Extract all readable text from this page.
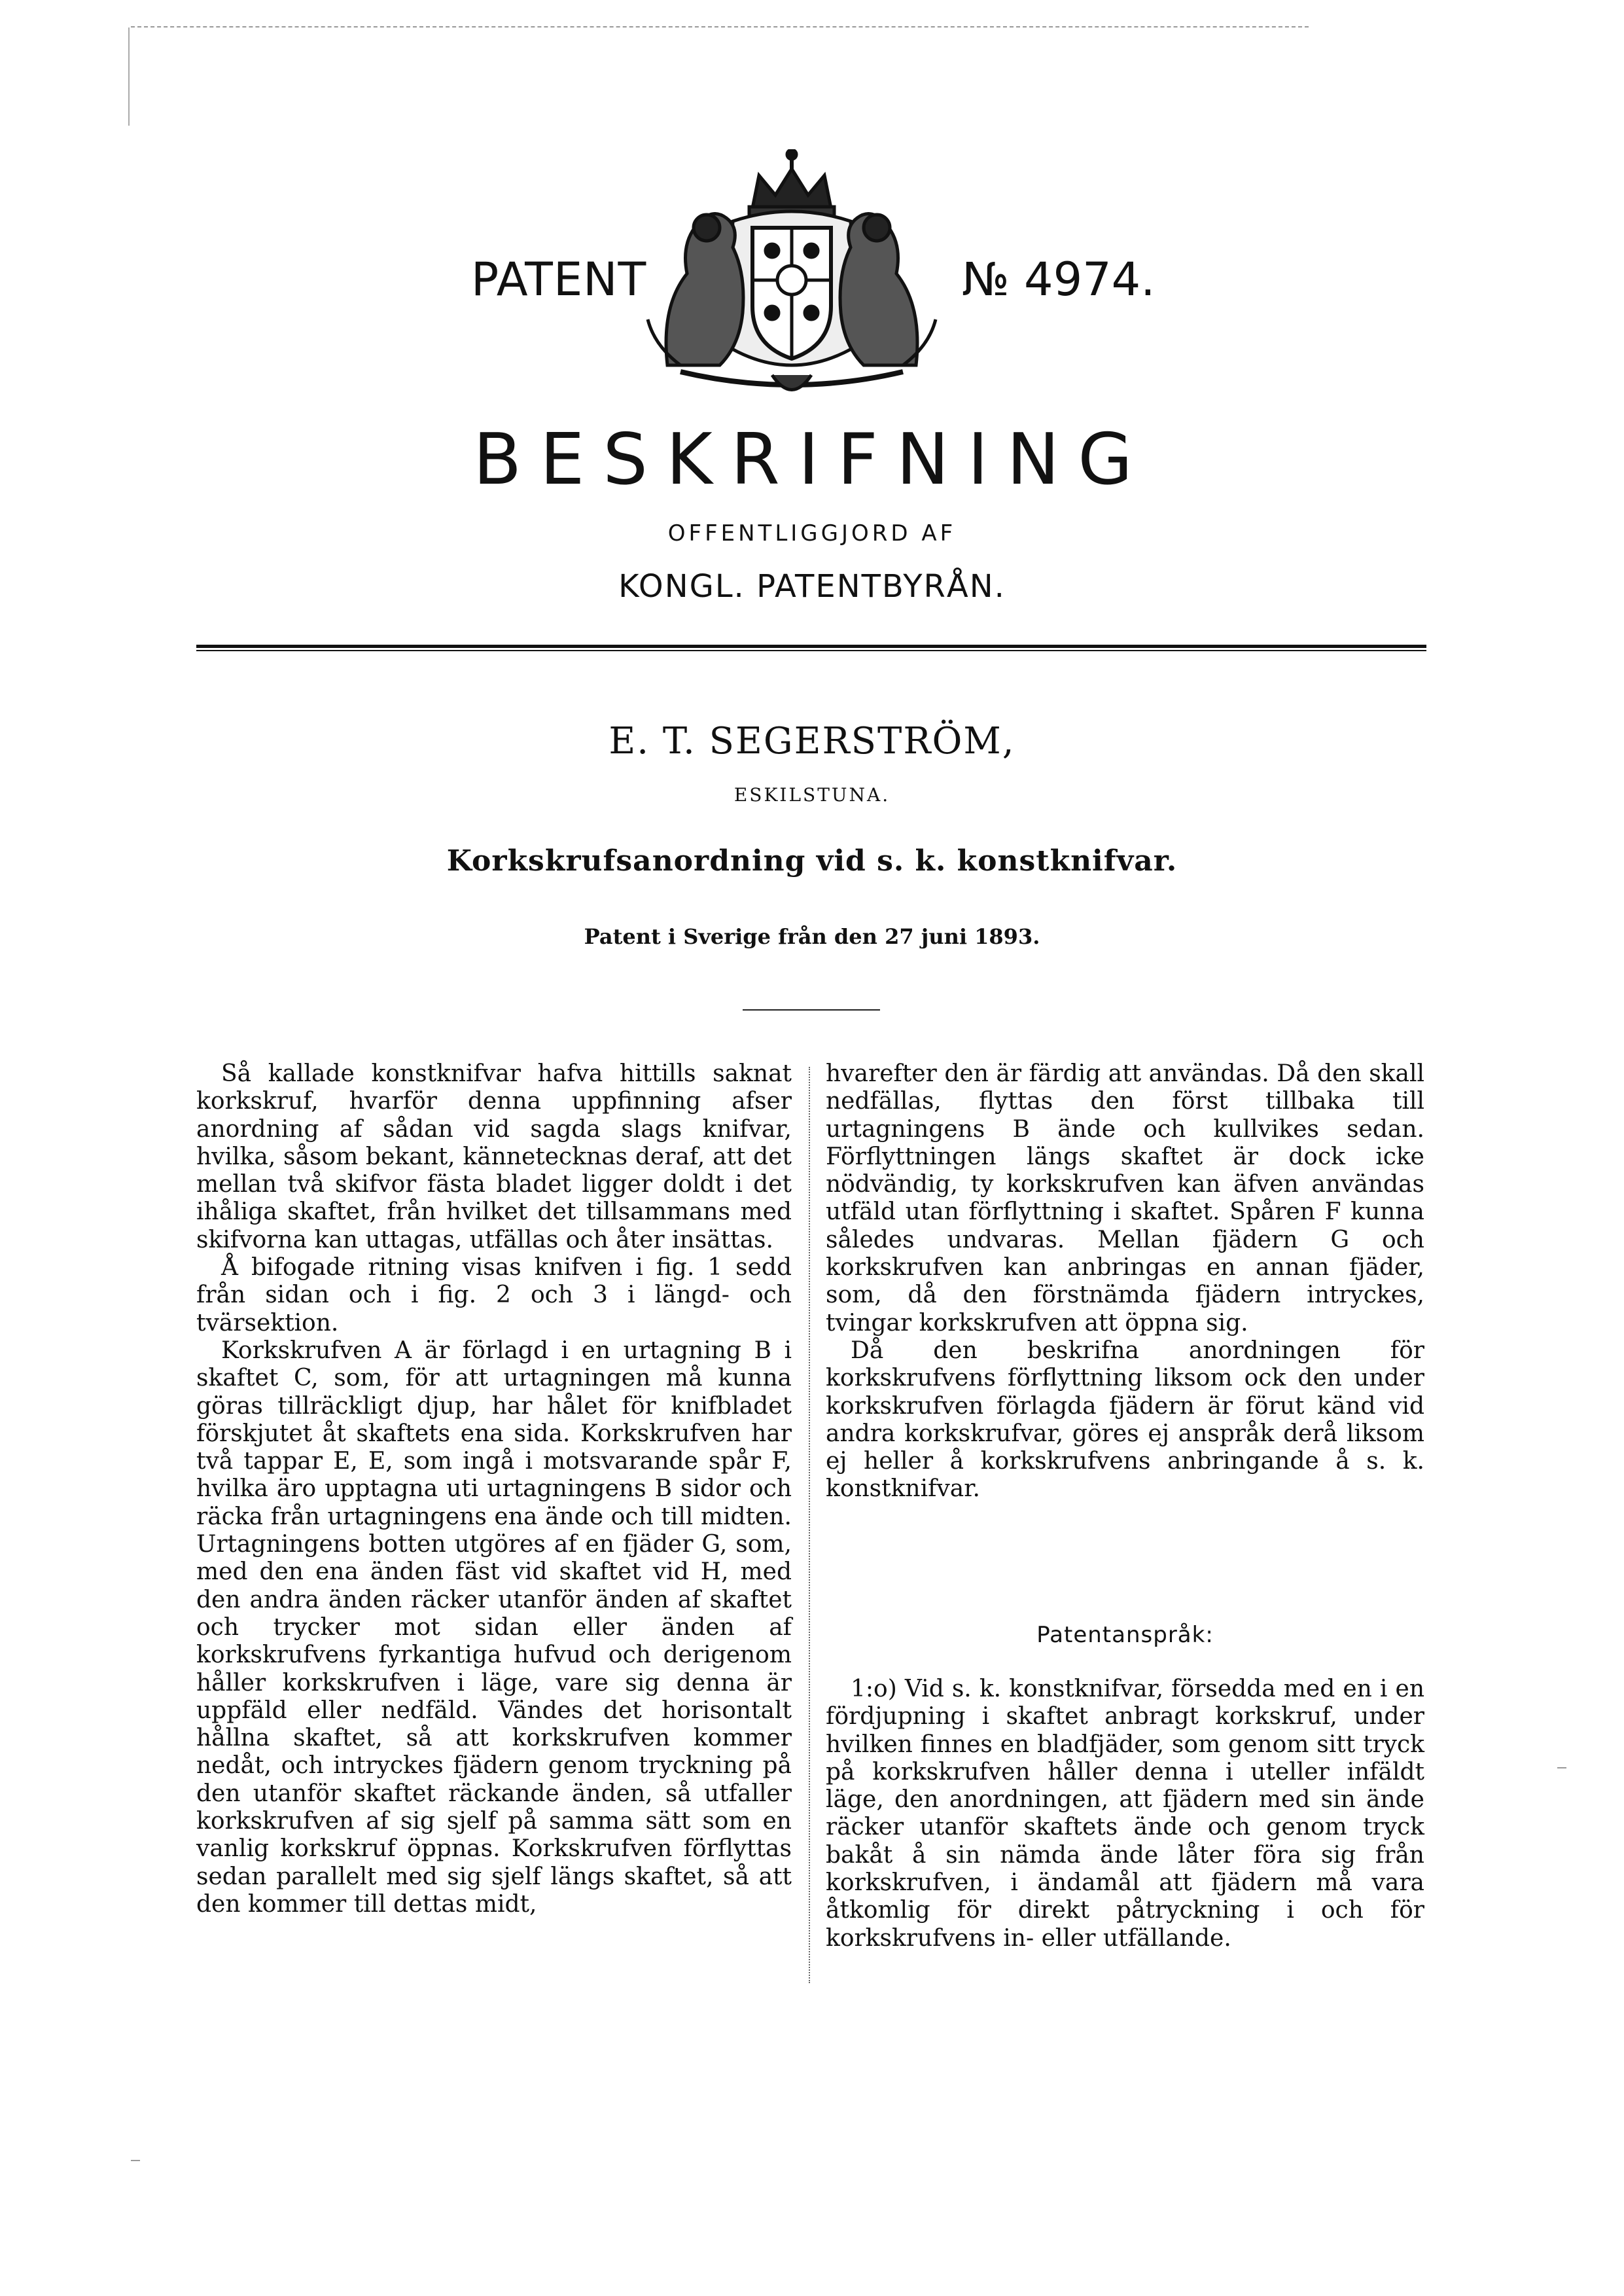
PATENT	№ 4974.
BESKRIFNING
OFFENTLIGGJORD AF
KONGL. PATENTBYRÅN.
E. T. SEGERSTRÖM,
ESKILSTUNA.
Korkskrufsanordning vid s. k. konstknifvar.
Patent i Sverige från den 27 juni 1893.

Så kallade konstknifvar hafva hittills saknat korkskruf, hvarför denna uppfinning afser anordning af sådan vid sagda slags knifvar, hvilka, såsom bekant, kännetecknas deraf, att det mellan två skifvor fästa bladet ligger doldt i det ihåliga skaftet, från hvilket det tillsammans med skifvorna kan uttagas, utfällas och åter insättas.

Å bifogade ritning visas knifven i fig. 1 sedd från sidan och i fig. 2 och 3 i längd- och tvärsektion.

Korkskrufven A är förlagd i en urtagning B i skaftet C, som, för att urtagningen må kunna göras tillräckligt djup, har hålet för knifbladet förskjutet åt skaftets ena sida. Korkskrufven har två tappar E, E, som ingå i motsvarande spår F, hvilka äro upptagna uti urtagningens B sidor och räcka från urtagningens ena ände och till midten. Urtagningens botten utgöres af en fjäder G, som, med den ena änden fäst vid skaftet vid H, med den andra änden räcker utanför änden af skaftet och trycker mot sidan eller änden af korkskrufvens fyrkantiga hufvud och derigenom håller korkskrufven i läge, vare sig denna är uppfäld eller nedfäld. Vändes det horisontalt hållna skaftet, så att korkskrufven kommer nedåt, och intryckes fjädern genom tryckning på den utanför skaftet räckande änden, så utfaller korkskrufven af sig sjelf på samma sätt som en vanlig korkskruf öppnas. Korkskrufven förflyttas sedan parallelt med sig sjelf längs skaftet, så att den kommer till dettas midt,

hvarefter den är färdig att användas. Då den skall nedfällas, flyttas den först tillbaka till urtagningens B ände och kullvikes sedan. Förflyttningen längs skaftet är dock icke nödvändig, ty korkskrufven kan äfven användas utfäld utan förflyttning i skaftet. Spåren F kunna således undvaras. Mellan fjädern G och korkskrufven kan anbringas en annan fjäder, som, då den förstnämda fjädern intryckes, tvingar korkskrufven att öppna sig.

Då den beskrifna anordningen för korkskrufvens förflyttning liksom ock den under korkskrufven förlagda fjädern är förut känd vid andra korkskrufvar, göres ej anspråk derå liksom ej heller å korkskrufvens anbringande å s. k. konstknifvar.

Patentanspråk:

1:o) Vid s. k. konstknifvar, försedda med en i en fördjupning i skaftet anbragt korkskruf, under hvilken finnes en bladfjäder, som genom sitt tryck på korkskrufven håller denna i uteller infäldt läge, den anordningen, att fjädern med sin ände räcker utanför skaftets ände och genom tryck bakåt å sin nämda ände låter föra sig från korkskrufven, i ändamål att fjädern må vara åtkomlig för direkt påtryckning i och för korkskrufvens in- eller utfällande.
